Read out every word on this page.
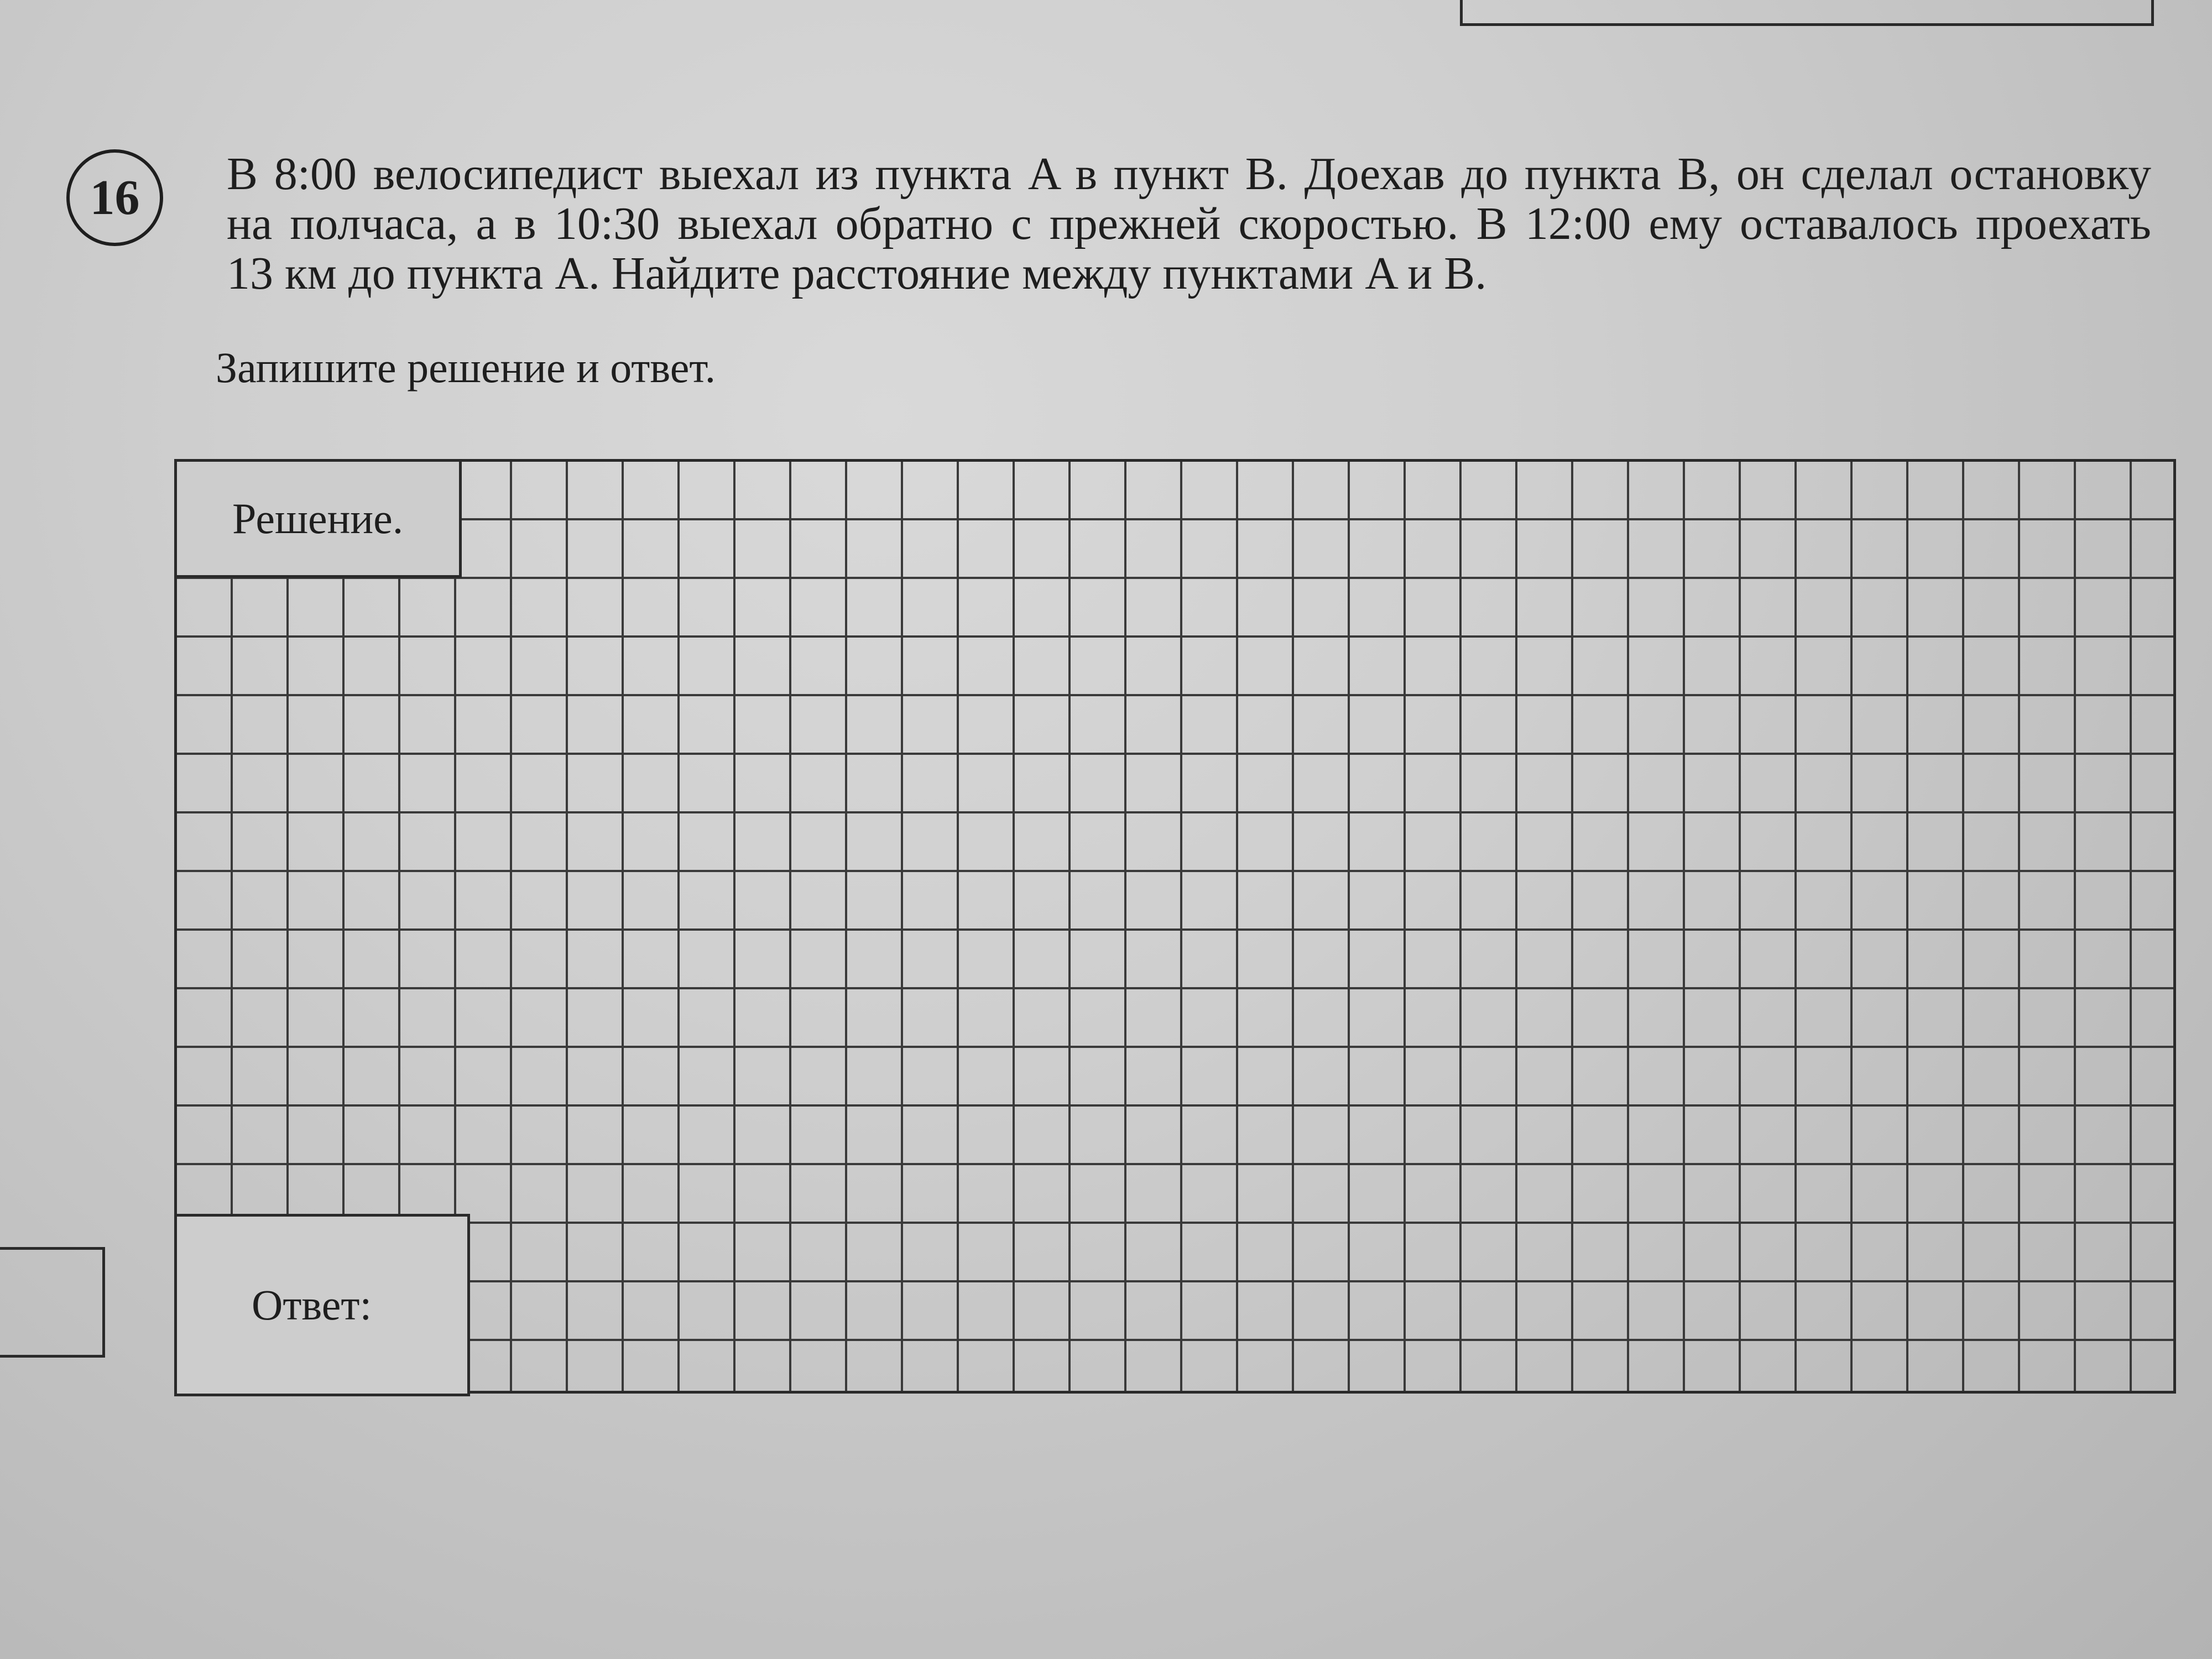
16	В 8:00 велосипедист выехал из пункта A в пункт B. Доехав до пункта B, он сделал остановку
на полчаса, а в 10:30 выехал обратно с прежней скоростью. В 12:00 ему оставалось проехать
13 км до пункта A. Найдите расстояние между пунктами A и B.

Запишите решение и ответ.

Решение.
Ответ:
